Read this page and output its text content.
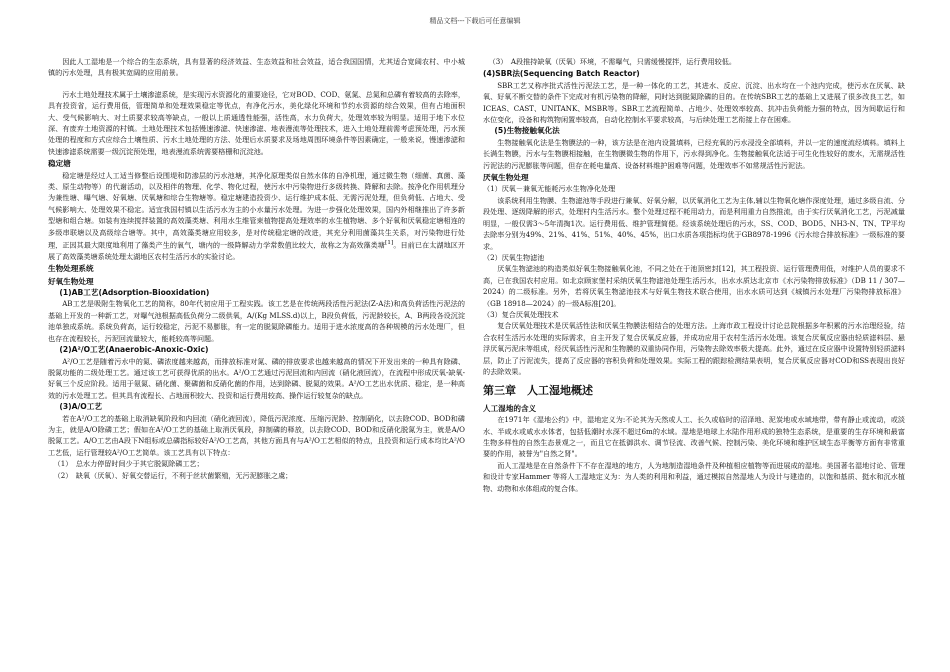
精品文档---下载后可任意编辑

因此人工湿地是一个综合的生态系统，具有显著的经济效益、生态效益和社会效益，适合我国国情，尤其适合宽阔农村、中小城镇的污水处理，具有极其宽阔的应用前景。

污水土地处理技术属于土壤渗滤系统，是实现污水资源化的重要途径，它对BOD、COD、氨氮、总氮和总磷有着较高的去除率，具有投资省，运行费用低，管理简单和处理效果稳定等优点，有净化污水，美化绿化环境和节约水资源的综合效果，但有占地面积大、受气候影响大、对土质要求较高等缺点，一般以上质通透性能强，活性高，水力负荷大，处理效率较为明显。适用于地下水位深、有废弃土地资源的村镇。土地处理技术包括慢速渗滤、快速渗滤、地表漫流等处理技术，进入土地处理前需考虑预处理，污水预处理的程度和方式应综合土壤性质、污水土地处理的方法、处理后水质要求及场地周围环境条件等因素确定，一般来说，慢速渗滤和快速渗滤系统需要一级沉淀预处理，地表漫流系统需要格栅和沉淀池。

稳定塘

稳定塘是经过人工适当修整后设围堤和防渗层的污水池塘，其净化原理类似自然水体的自净机理，通过微生物（细菌、真菌、藻类、原生动物等）的代谢活动，以及相伴的物理、化学、物化过程，使污水中污染物进行多级转换、降解和去除。按净化作用机理分为兼性塘、曝气塘、好氧塘、厌氧塘和综合生物塘等。稳定塘建造投资少、运行维护成本低、无需污泥处理，但负荷低、占地大、受气候影响大、处理效果不稳定。适宜我国村镇以生活污水为主的小水量污水处理。为进一步强化处理效果，国内外相继推出了许多新型塘和组合塘。如装有连续搅拌装置的高效藻类塘、利用水生维管束植物提高处理效率的水生植物塘、多个好氧和厌氧稳定塘相连的多级串联塘以及高级综合塘等。其中，高效藻类塘应用较多，是对传统稳定塘的改进，其充分利用菌藻共生关系，对污染物进行处理，正因其最大限度地利用了藻类产生的氧气，塘内的一级降解动力学常数值比较大，故称之为高效藻类塘[1]。目前已在太湖地区开展了高效藻类塘系统处理太湖地区农村生活污水的实验讨论。

生物处理系统

好氧生物处理

(1)AB工艺(Adsorption-Biooxidation)

AB工艺是吸附生物氧化工艺的简称，80年代初应用于工程实践。该工艺是在传统两段活性污泥法(Z-A法)和高负荷活性污泥法的基础上开发的一种新工艺，对曝气池根据高低负荷分二级供氧，A/(Kg MLSS.d)以上，B段负荷低，污泥龄较长，A、B两段各设沉淀池单独成系统。系统负荷高，运行较稳定，污泥不易膨胀，有一定的脱氮除磷能力。适用于进水浓度高的各种规模的污水处理厂，但也存在流程较长，污泥回流量较大，能耗较高等问题。

(2)A²/O工艺(Anaerobic-Anoxic-Oxic)

A²/O工艺是随着污水中的氮、磷浓度越来越高，而排放标准对氮、磷的排放要求也越来越高的情况下开发出来的一种具有除磷、脱氮功能的二级处理工艺。通过该工艺可获得优质的出水。A²/O工艺通过污泥回流和内回流（硝化液回流），在流程中形成厌氧-缺氧-好氧三个反应阶段。适用于氨氮、硝化菌、聚磷菌和反硝化菌的作用，达到除磷、脱氮的效果。A²/O工艺出水优质、稳定，是一种高效的污水处理工艺。但其具有流程长、占地面积较大、投资和运行费用较高、操作运行较复杂的缺点。

(3)A/O工艺

若在A²/O工艺的基础上取消缺氧阶段和内回流（硝化液回流），降低污泥浓度、压缩污泥龄、控制硝化，以去除COD、BOD和磷为主，就是A/O除磷工艺；假如在A²/O工艺的基础上取消厌氧段，抑制磷的释放，以去除COD、BOD和反硝化脱氮为主，就是A/O脱氮工艺。A/O工艺由A段下N组标或总磷指标较好A²/O工艺高，其他方面具有与A²/O工艺相似的特点，且投资和运行成本均比A²/O工艺低，运行管理较A²/O工艺简单。该工艺具有以下特点：

（1）　总水力停留时间少于其它脱氮除磷工艺；

（2）　缺氧（厌氧）、好氧交替运行，不利于丝状菌繁殖，无污泥膨胀之虞；

（3）　A段推持缺氧（厌氧）环境，不需曝气，只需缓慢搅拌，运行费用较低。

(4)SBR法(Sequencing Batch Reactor)

SBR工艺又称序批式活性污泥法工艺，是一种一体化的工艺，其进水、反应、沉淀、出水均在一个池内完成，使污水在厌氧、缺氧、好氧不断交替的条件下完成对有机污染物的降解，同时达到脱氮除磷的目的。在传统SBR工艺的基础上又进展了很多改良工艺，如ICEAS、CAST、UNITANK、MSBR等。SBR工艺流程简单、占地少、处理效率较高、抗冲击负荷能力强的特点，因为间歇运行和水位变化，设备和构筑物闲置率较高，自动化控制水平要求较高，与后续处理工艺衔接上存在困难。

(5)生物接触氧化法

生物接触氧化法是生物膜法的一种，该方法是在池内设置填料，已经充氧的污水浸没全部填料，并以一定的速度流经填料。填料上长满生物膜，污水与生物膜相接触，在生物膜微生物的作用下，污水得到净化。生物接触氧化法适于可生化性较好的废水，无需规活性污泥法的污泥膨胀等问题，但存在耗电量高、设备材料维护困难等问题，处理效率不如常规活性污泥法。

厌氧生物处理

（1）厌氧－兼氧无能耗污水生物净化处理

该系统利用生物膜、生物滤池等手段进行兼氧、好氧分解，以厌氧消化工艺为主体,辅以生物氧化塘作深度处理，通过多级自流、分段处理、逐级降解的形式，处理村内生活污水。整个处理过程不耗用动力，而是利用重力自然推流，由于实行厌氧消化工艺，污泥减量明显，一般仅需3～5年清掏1次。运行费用低、维护管理简便。经该系统处理后的污水，SS、COD、BOD5、NH3-N、TN、TP平均去除率分别为49%、21%、41%、51%、40%、45%，出口水质各项指标均优于GB8978-1996《污水综合排放标准》一级标准的要求。

（2）厌氧生物滤池

厌氧生物滤池的构造类似好氧生物接触氧化池，不同之处在于池顶密封[12]，其工程投资、运行管理费用低，对维护人员的要求不高，已在我国农村应用。如北京顾家堡村采纳厌氧生物滤池处理生活污水，出水水质达北京市《水污染物排放标准》（DB 11 / 307—2024）的二级标准。另外，若将厌氧生物滤池技术与好氧生物技术联合使用，出水水质可达到《城镇污水处理厂污染物排放标准》（GB 18918—2024）的一级A标准[20]。

（3）复合厌氧处理技术

复合厌氧处理技术是厌氧活性法和厌氧生物膜法相结合的处理方法。上海市政工程设计讨论总院根据多年积累的污水治理经验，结合农村生活污水处理的实际需求，自主开发了复合厌氧反应器，并成功应用于农村生活污水处理。该复合厌氧反应器由轻质滤料层、悬浮厌氧污泥床等组成，经厌氧活性污泥和生物膜的双重协同作用，污染物去除效率极大提高。此外，通过在反应器中设置特别轻质滤料层，防止了污泥流失，提高了反应器的容积负荷和处理效果。实际工程的跟踪检测结果表明，复合厌氧反应器对COD和SS表现出良好的去除效果。

第三章　人工湿地概述

人工湿地的含义

在1971年《湿地公约》中，湿地定义为:不论其为天然或人工、长久或临时的沼泽地、泥炭地或水域地带，带有静止或流动，或淡水、半咸水或咸水水体者，包括低潮时水深不超过6m的水域。湿地是地球上水陆作用形成的独特生态系统，是重要的生存环境和最富生物多样性的自然生态景观之一，而且它在抵御洪水、调节径流、改善气候、控制污染、美化环境和维护区域生态平衡等方面有非常重要的作用，被誉为"自然之肾"。

而人工湿地是在自然条件下不存在湿地的地方，人为地制造湿地条件及种植相应植物等而进展成的湿地。美国著名湿地讨论、管理和设计专家Hammer 等将人工湿地定义为：为人类的利用和利益，通过模拟自然湿地人为设计与建造的，以饱和基质、挺水和沉水植物、动物和水体组成的复合体。
